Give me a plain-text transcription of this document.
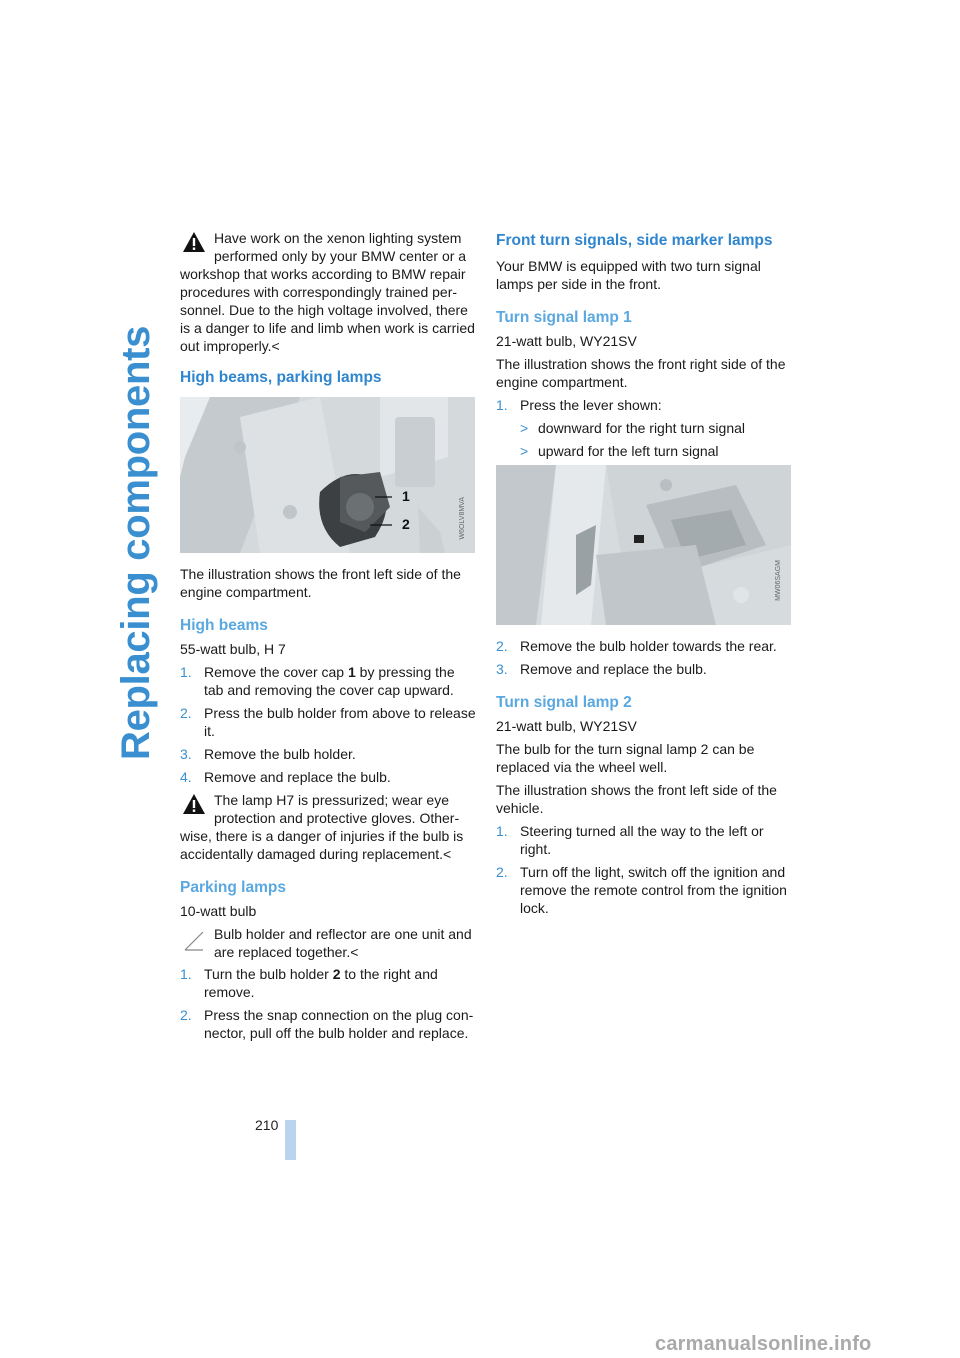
Replacing components
Have work on the xenon lighting system performed only by your BMW center or a
workshop that works according to BMW repair procedures with correspondingly trained per-sonnel. Due to the high voltage involved, there is a danger to life and limb when work is carried out improperly.<
High beams, parking lamps
1
2	W6OLV8MVA

The illustration shows the front left side of the engine compartment.

High beams

55-watt bulb, H 7

1. Remove the cover cap 1 by pressing the tab and removing the cover cap upward.
2. Press the bulb holder from above to release it.
3. Remove the bulb holder.
4. Remove and replace the bulb.
The lamp H7 is pressurized; wear eye protection and protective gloves. Other-
wise, there is a danger of injuries if the bulb is accidentally damaged during replacement.<
Parking lamps

10-watt bulb

Bulb holder and reflector are one unit and are replaced together.<
1. Turn the bulb holder 2 to the right and remove.
2. Press the snap connection on the plug con-nector, pull off the bulb holder and replace.
Front turn signals, side marker lamps

Your BMW is equipped with two turn signal lamps per side in the front.

Turn signal lamp 1

21-watt bulb, WY21SV

The illustration shows the front right side of the engine compartment.

1. Press the lever shown:
> downward for the right turn signal
> upward for the left turn signal
MW06SAGM
2. Remove the bulb holder towards the rear.
3. Remove and replace the bulb.
Turn signal lamp 2

21-watt bulb, WY21SV

The bulb for the turn signal lamp 2 can be replaced via the wheel well.

The illustration shows the front left side of the vehicle.

1. Steering turned all the way to the left or right.
2. Turn off the light, switch off the ignition and remove the remote control from the ignition lock.
210
carmanualsonline.info
